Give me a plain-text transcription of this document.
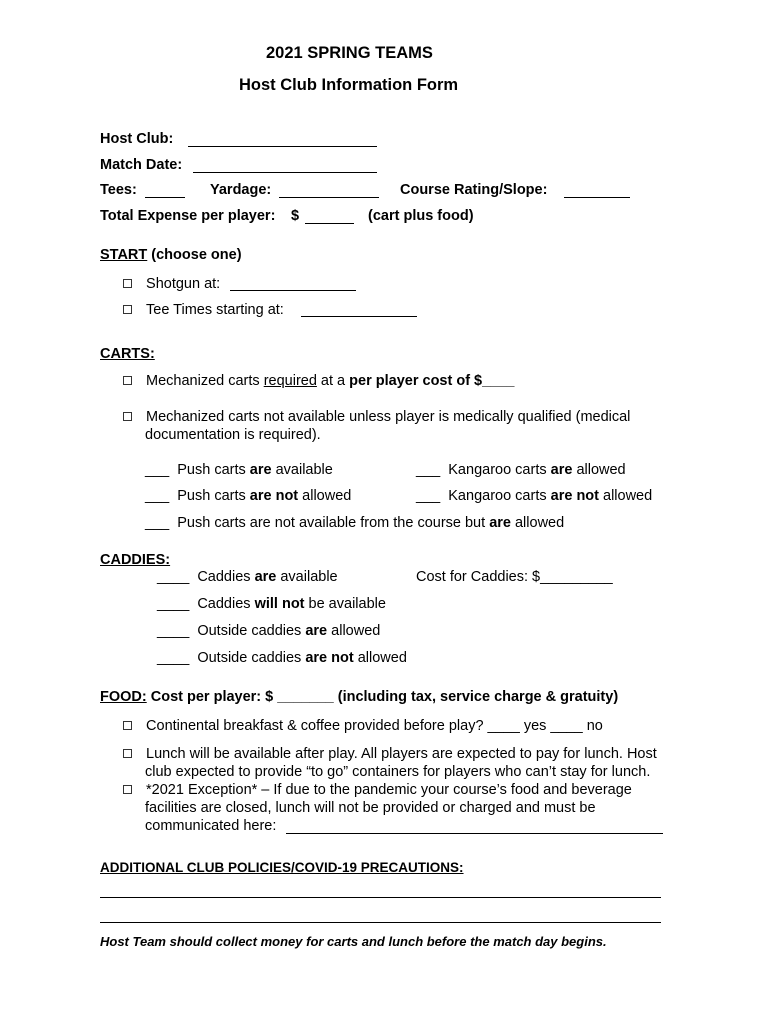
2021 SPRING TEAMS
Host Club Information Form
Host Club:
Match Date:
Tees:	Yardage:	Course Rating/Slope:
Total Expense per player: $	(cart plus food)
START (choose one)
Shotgun at:
Tee Times starting at:
CARTS:
Mechanized carts required at a per player cost of $____
Mechanized carts not available unless player is medically qualified (medical
documentation is required).
___ Push carts are available	___ Kangaroo carts are allowed
___ Push carts are not allowed	___ Kangaroo carts are not allowed
___ Push carts are not available from the course but are allowed
CADDIES:
____ Caddies are available	Cost for Caddies: $_________
____ Caddies will not be available
____ Outside caddies are allowed
____ Outside caddies are not allowed
FOOD: Cost per player: $ _______ (including tax, service charge & gratuity)
Continental breakfast & coffee provided before play? ____ yes ____ no
Lunch will be available after play. All players are expected to pay for lunch. Host
club expected to provide “to go” containers for players who can’t stay for lunch.
*2021 Exception* – If due to the pandemic your course’s food and beverage
facilities are closed, lunch will not be provided or charged and must be
communicated here:
ADDITIONAL CLUB POLICIES/COVID-19 PRECAUTIONS:
Host Team should collect money for carts and lunch before the match day begins.
